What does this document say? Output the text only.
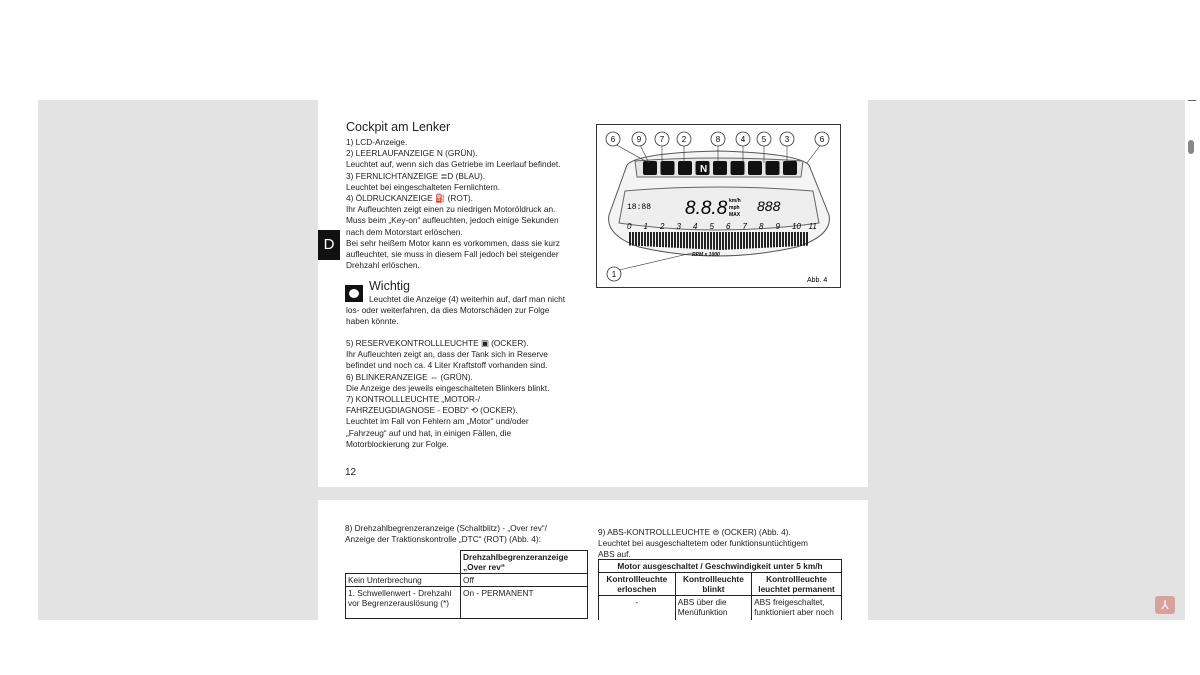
Cockpit am Lenker
1) LCD-Anzeige.
2) LEERLAUFANZEIGE N (GRÜN).
Leuchtet auf, wenn sich das Getriebe im Leerlauf befindet.
3) FERNLICHTANZEIGE ≣D (BLAU).
Leuchtet bei eingeschalteten Fernlichtern.
4) ÖLDRUCKANZEIGE ⛽ (ROT).
Ihr Aufleuchten zeigt einen zu niedrigen Motoröldruck an.
Muss beim „Key-on“ aufleuchten, jedoch einige Sekunden
nach dem Motorstart erlöschen.
Bei sehr heißem Motor kann es vorkommen, dass sie kurz
aufleuchtet, sie muss in diesem Fall jedoch bei steigender
Drehzahl erlöschen.
D
Wichtig
Leuchtet die Anzeige (4) weiterhin auf, darf man nicht
los- oder weiterfahren, da dies Motorschäden zur Folge
haben könnte.
5) RESERVEKONTROLLLEUCHTE ▣ (OCKER).
Ihr Aufleuchten zeigt an, dass der Tank sich in Reserve
befindet und noch ca. 4 Liter Kraftstoff vorhanden sind.
6) BLINKERANZEIGE ⇔ (GRÜN).
Die Anzeige des jeweils eingeschalteten Blinkers blinkt.
7) KONTROLLLEUCHTE „MOTOR-/
FAHRZEUGDIAGNOSE - EOBD“ ⟲ (OCKER).
Leuchtet im Fall von Fehlern am „Motor“ und/oder
„Fahrzeug“ auf und hat, in einigen Fällen, die
Motorblockierung zur Folge.
12
N
0 1 2 3 4 5 6 7 8 9 10 11
6	9 7 2	8	4 5 3	6
1
18:88 8.8.8 km/h
mph
MAX
888
RPM x 1000
Abb. 4
8) Drehzahlbegrenzeranzeige (Schaltblitz) - „Over rev“/
Anzeige der Traktionskontrolle „DTC“ (ROT) (Abb. 4):
	Drehzahlbegrenzeranzeige „Over rev“
Kein Unterbrechung	Off
1. Schwellenwert - Drehzahl vor Begrenzerauslösung (*)	On - PERMANENT
9) ABS-KONTROLLLEUCHTE ⊜ (OCKER) (Abb. 4).
Leuchtet bei ausgeschaltetem oder funktionsuntüchtigem
ABS auf.
Motor ausgeschaltet / Geschwindigkeit unter 5 km/h		
Kontrollleuchte erloschen	Kontrollleuchte blinkt	Kontrollleuchte leuchtet permanent
-	ABS über die Menüfunktion	ABS freigeschaltet, funktioniert aber noch	⅄
